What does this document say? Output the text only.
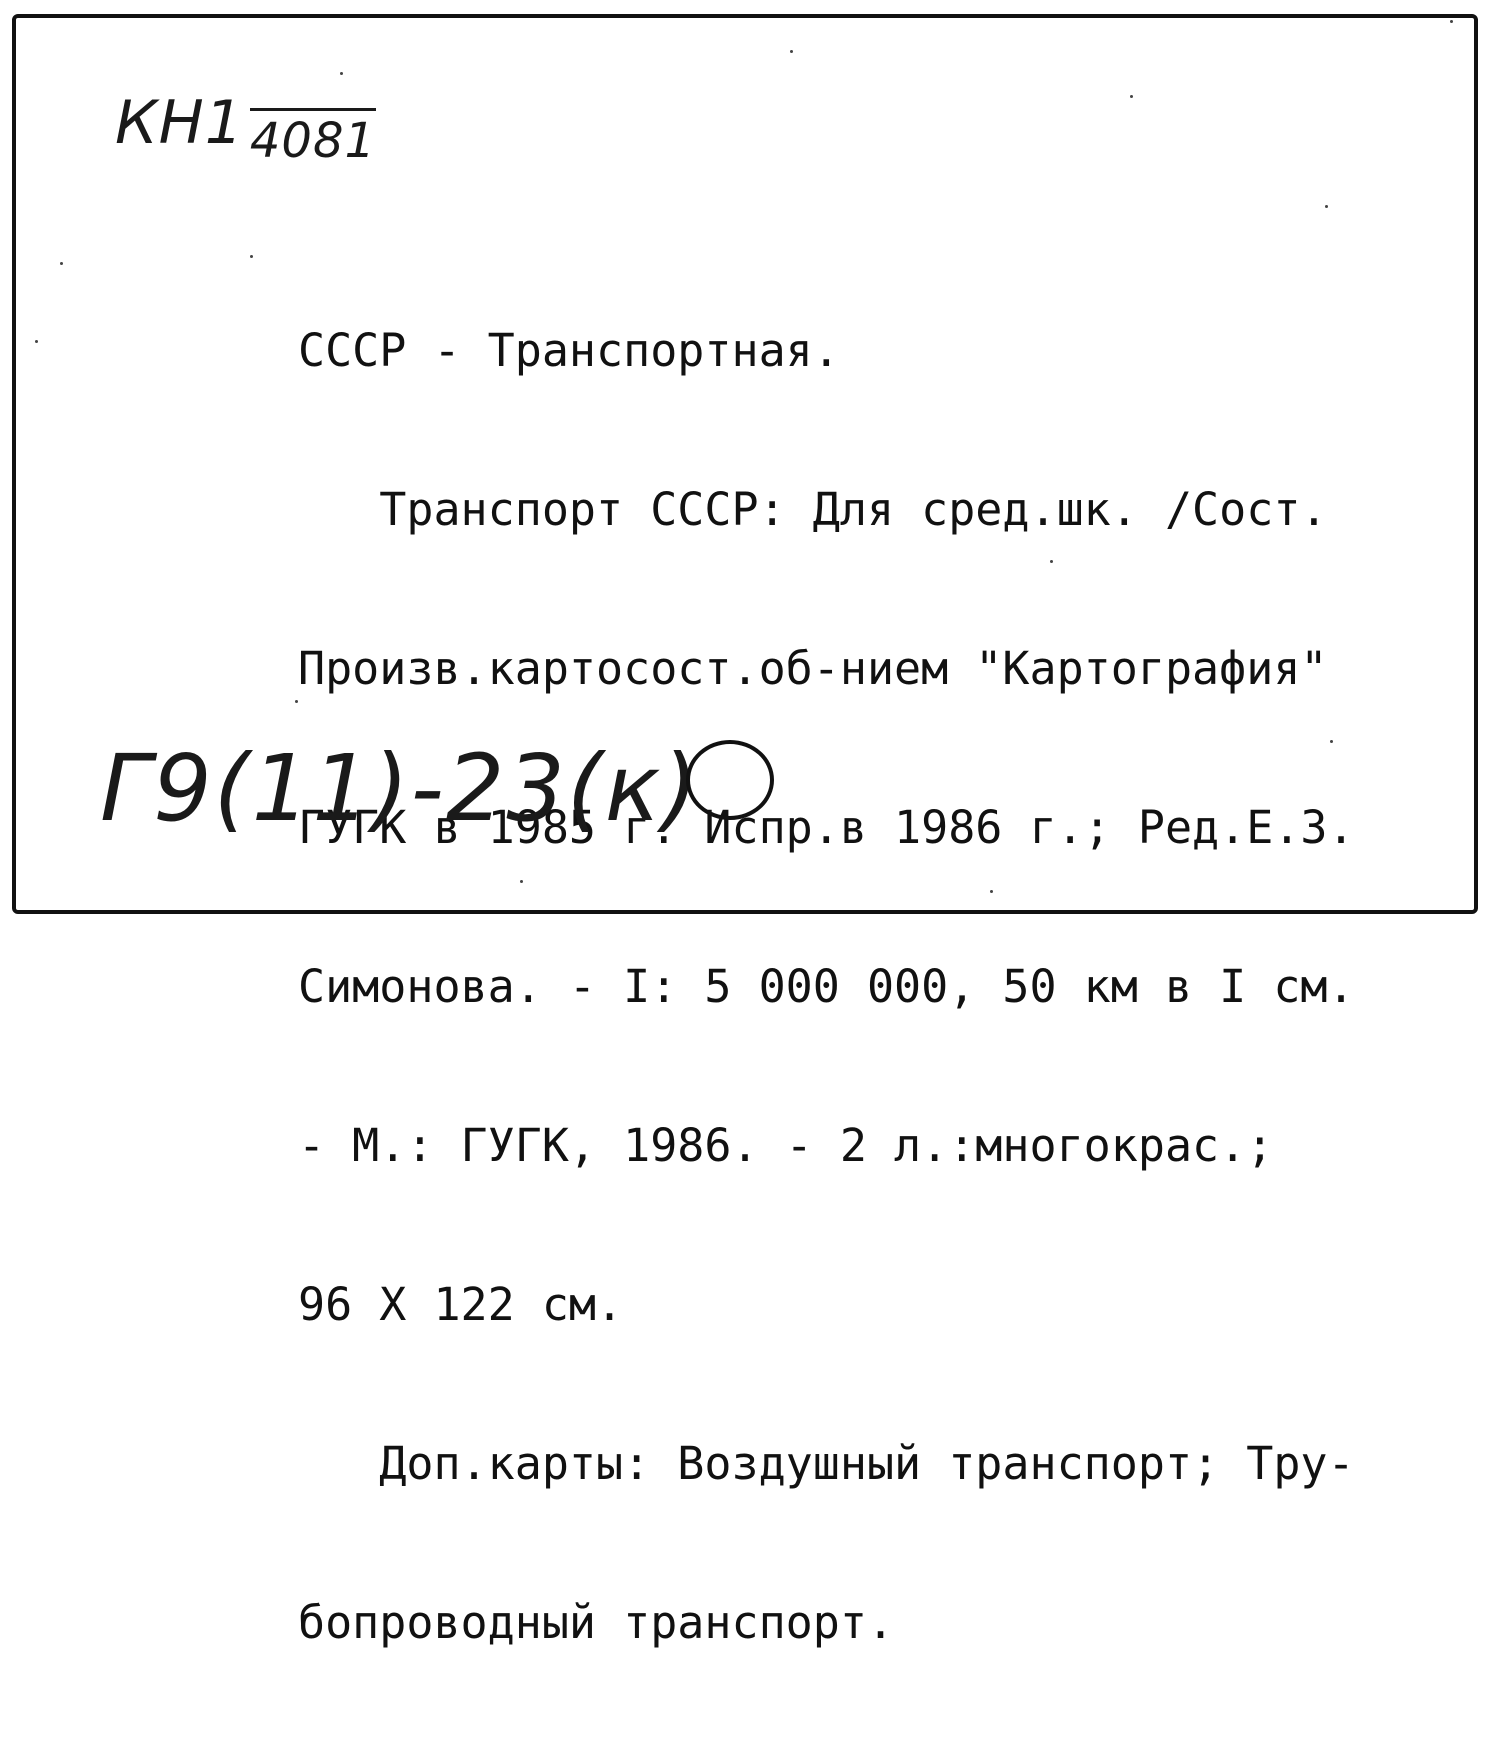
КН1 4081

СССР - Транспортная.

Транспорт СССР: Для сред.шк. /Сост.

Произв.картосост.об-нием "Картография"

ГУГК в 1985 г. Испр.в 1986 г.; Ред.Е.З.

Симонова. - I: 5 000 000, 50 км в I см.

- М.: ГУГК, 1986. - 2 л.:многокрас.;

96 Х 122 см.

Доп.карты: Воздушный транспорт; Тру-

бопроводный транспорт.

Г9(11)-23(к)
